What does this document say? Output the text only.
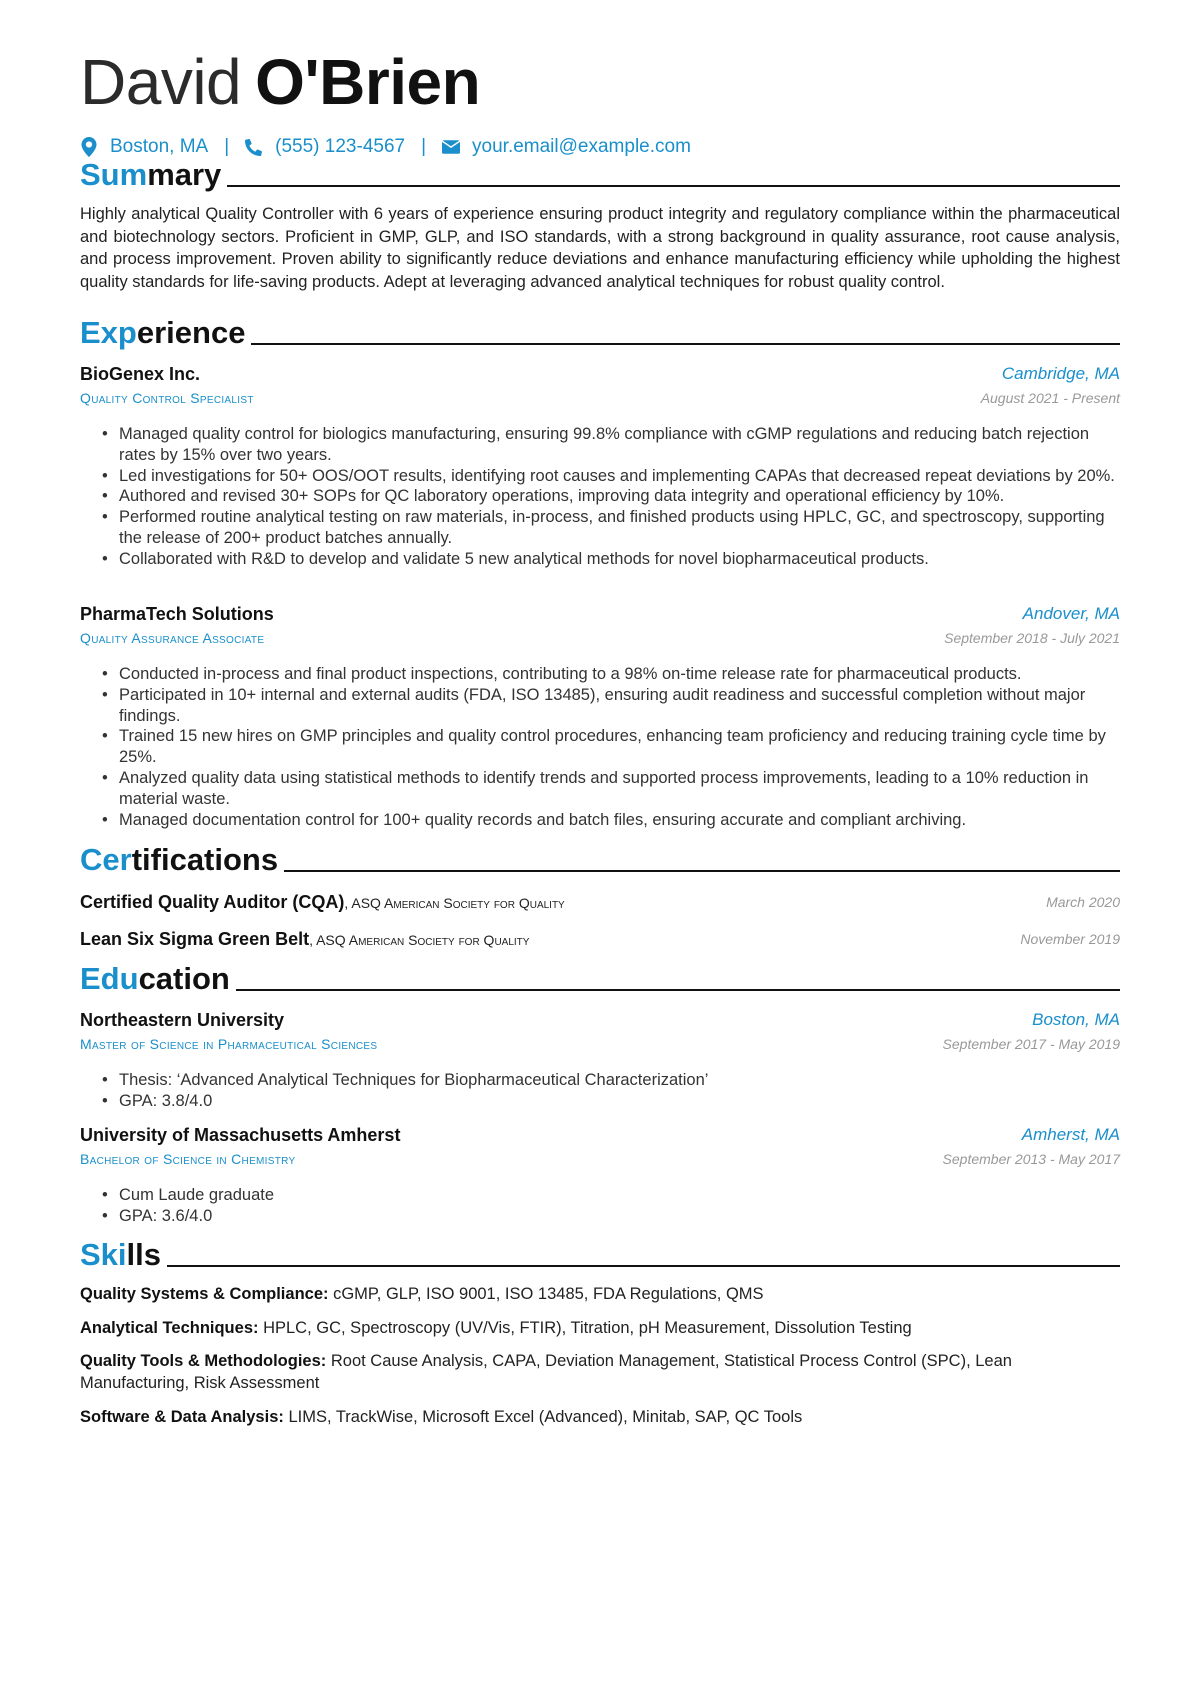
David O'Brien
Boston, MA | (555) 123-4567 | your.email@example.com
Summary
Highly analytical Quality Controller with 6 years of experience ensuring product integrity and regulatory compliance within the pharmaceutical and biotechnology sectors. Proficient in GMP, GLP, and ISO standards, with a strong background in quality assurance, root cause analysis, and process improvement. Proven ability to significantly reduce deviations and enhance manufacturing efficiency while upholding the highest quality standards for life-saving products. Adept at leveraging advanced analytical techniques for robust quality control.
Experience
BioGenex Inc.	Cambridge, MA
Quality Control Specialist	August 2021 - Present
• Managed quality control for biologics manufacturing, ensuring 99.8% compliance with cGMP regulations and reducing batch rejection rates by 15% over two years.
• Led investigations for 50+ OOS/OOT results, identifying root causes and implementing CAPAs that decreased repeat deviations by 20%.
• Authored and revised 30+ SOPs for QC laboratory operations, improving data integrity and operational efficiency by 10%.
• Performed routine analytical testing on raw materials, in-process, and finished products using HPLC, GC, and spectroscopy, supporting the release of 200+ product batches annually.
• Collaborated with R&D to develop and validate 5 new analytical methods for novel biopharmaceutical products.
PharmaTech Solutions	Andover, MA
Quality Assurance Associate	September 2018 - July 2021
• Conducted in-process and final product inspections, contributing to a 98% on-time release rate for pharmaceutical products.
• Participated in 10+ internal and external audits (FDA, ISO 13485), ensuring audit readiness and successful completion without major findings.
• Trained 15 new hires on GMP principles and quality control procedures, enhancing team proficiency and reducing training cycle time by 25%.
• Analyzed quality data using statistical methods to identify trends and supported process improvements, leading to a 10% reduction in material waste.
• Managed documentation control for 100+ quality records and batch files, ensuring accurate and compliant archiving.
Certifications
Certified Quality Auditor (CQA), ASQ American Society for Quality	March 2020
Lean Six Sigma Green Belt, ASQ American Society for Quality	November 2019
Education
Northeastern University	Boston, MA
Master of Science in Pharmaceutical Sciences	September 2017 - May 2019
• Thesis: ‘Advanced Analytical Techniques for Biopharmaceutical Characterization’
• GPA: 3.8/4.0
University of Massachusetts Amherst	Amherst, MA
Bachelor of Science in Chemistry	September 2013 - May 2017
• Cum Laude graduate
• GPA: 3.6/4.0
Skills
Quality Systems & Compliance: cGMP, GLP, ISO 9001, ISO 13485, FDA Regulations, QMS
Analytical Techniques: HPLC, GC, Spectroscopy (UV/Vis, FTIR), Titration, pH Measurement, Dissolution Testing
Quality Tools & Methodologies: Root Cause Analysis, CAPA, Deviation Management, Statistical Process Control (SPC), Lean Manufacturing, Risk Assessment
Software & Data Analysis: LIMS, TrackWise, Microsoft Excel (Advanced), Minitab, SAP, QC Tools
